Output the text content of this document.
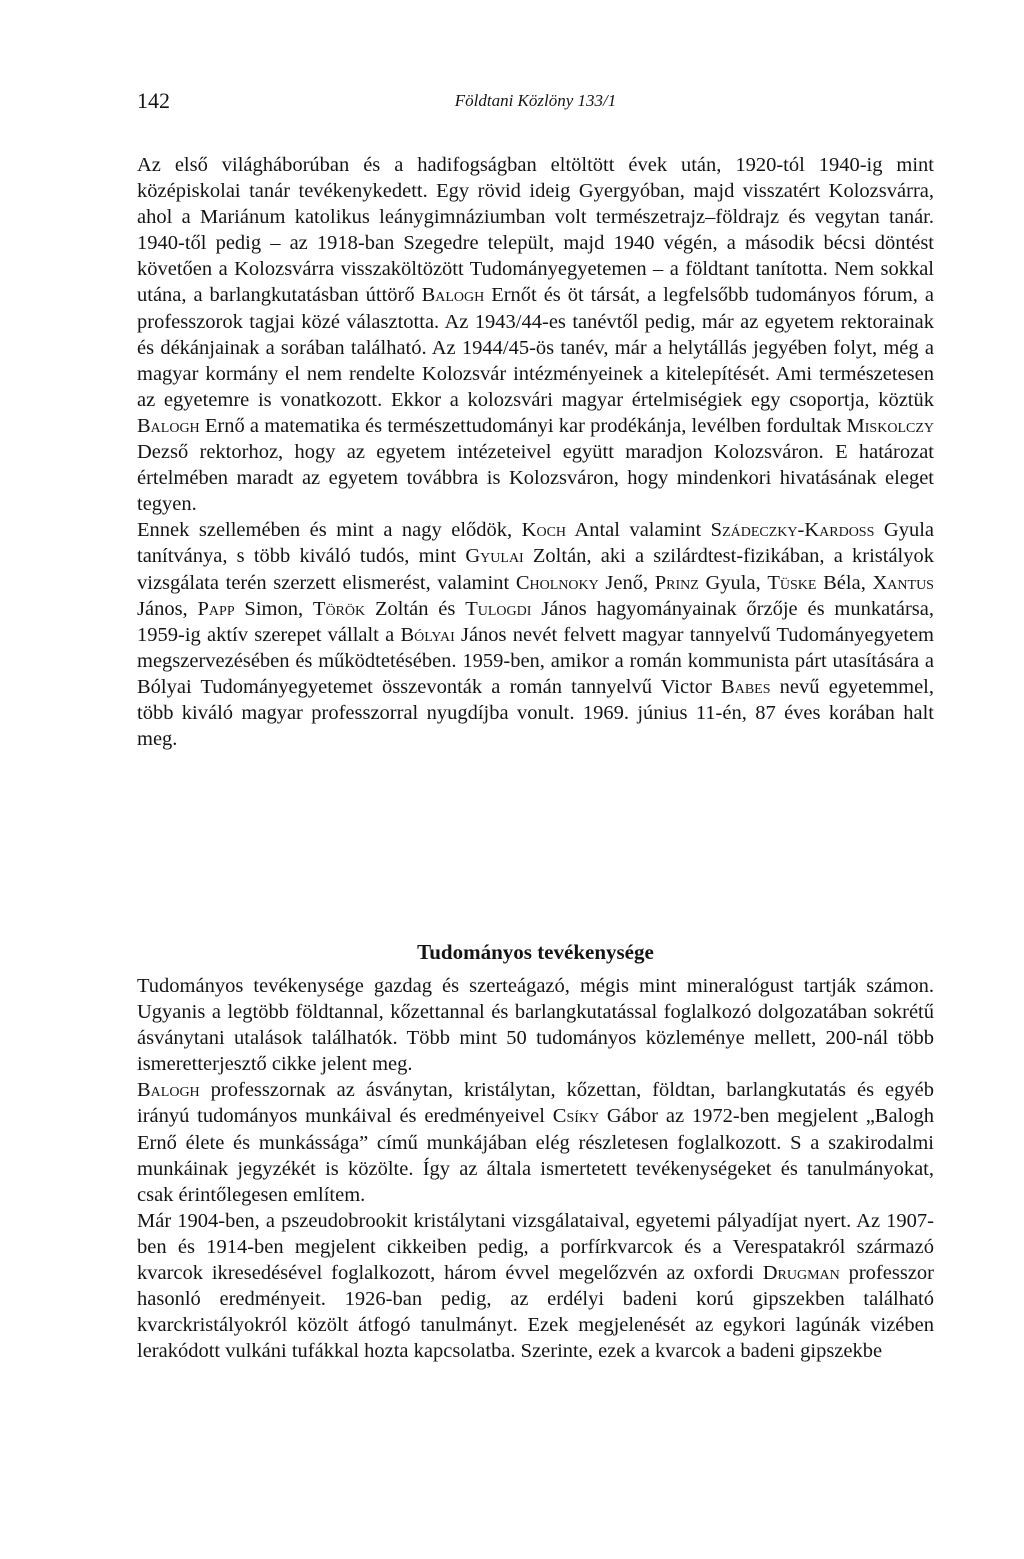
142	Földtani Közlöny 133/1

Az első világháborúban és a hadifogságban eltöltött évek után, 1920-tól 1940-ig mint középiskolai tanár tevékenykedett. Egy rövid ideig Gyergyóban, majd visszatért Kolozsvárra, ahol a Mariánum katolikus leánygimnáziumban volt természetrajz–földrajz és vegytan tanár. 1940-től pedig – az 1918-ban Szegedre települt, majd 1940 végén, a második bécsi döntést követően a Kolozsvárra visszaköltözött Tudományegyetemen – a földtant tanította. Nem sokkal utána, a barlangkutatásban úttörő Balogh Ernőt és öt társát, a legfelsőbb tudományos fórum, a professzorok tagjai közé választotta. Az 1943/44-es tanévtől pedig, már az egyetem rektorainak és dékánjainak a sorában található. Az 1944/45-ös tanév, már a helytállás jegyében folyt, még a magyar kormány el nem rendelte Kolozsvár intézményeinek a kitelepítését. Ami természetesen az egyetemre is vonatkozott. Ekkor a kolozsvári magyar értelmiségiek egy csoportja, köztük Balogh Ernő a matematika és természettudományi kar prodékánja, levélben fordultak Miskolczy Dezső rektorhoz, hogy az egyetem intézeteivel együtt maradjon Kolozsváron. E határozat értelmében maradt az egyetem továbbra is Kolozsváron, hogy mindenkori hivatásának eleget tegyen.

Ennek szellemében és mint a nagy elődök, Koch Antal valamint Szádeczky-Kardoss Gyula tanítványa, s több kiváló tudós, mint Gyulai Zoltán, aki a szilárdtest-fizikában, a kristályok vizsgálata terén szerzett elismerést, valamint Cholnoky Jenő, Prinz Gyula, Tüske Béla, Xantus János, Papp Simon, Török Zoltán és Tulogdi János hagyományainak őrzője és munkatársa, 1959-ig aktív szerepet vállalt a Bólyai János nevét felvett magyar tannyelvű Tudományegyetem megszervezésében és működtetésében. 1959-ben, amikor a román kommunista párt utasítására a Bólyai Tudományegyetemet összevonták a román tannyelvű Victor Babes nevű egyetemmel, több kiváló magyar professzorral nyugdíjba vonult. 1969. június 11-én, 87 éves korában halt meg.

Tudományos tevékenysége

Tudományos tevékenysége gazdag és szerteágazó, mégis mint mineralógust tartják számon. Ugyanis a legtöbb földtannal, kőzettannal és barlangkutatással foglalkozó dolgozatában sokrétű ásványtani utalások találhatók. Több mint 50 tudományos közleménye mellett, 200-nál több ismeretterjesztő cikke jelent meg.

Balogh professzornak az ásványtan, kristálytan, kőzettan, földtan, barlangkutatás és egyéb irányú tudományos munkáival és eredményeivel Csíky Gábor az 1972-ben megjelent „Balogh Ernő élete és munkássága” című munkájában elég részletesen foglalkozott. S a szakirodalmi munkáinak jegyzékét is közölte. Így az általa ismertetett tevékenységeket és tanulmányokat, csak érintőlegesen említem.

Már 1904-ben, a pszeudobrookit kristálytani vizsgálataival, egyetemi pályadíjat nyert. Az 1907-ben és 1914-ben megjelent cikkeiben pedig, a porfírkvarcok és a Verespatakról származó kvarcok ikresedésével foglalkozott, három évvel megelőzvén az oxfordi Drugman professzor hasonló eredményeit. 1926-ban pedig, az erdélyi badeni korú gipszekben található kvarckristályokról közölt átfogó tanulmányt. Ezek megjelenését az egykori lagúnák vizében lerakódott vulkáni tufákkal hozta kapcsolatba. Szerinte, ezek a kvarcok a badeni gipszekbe
